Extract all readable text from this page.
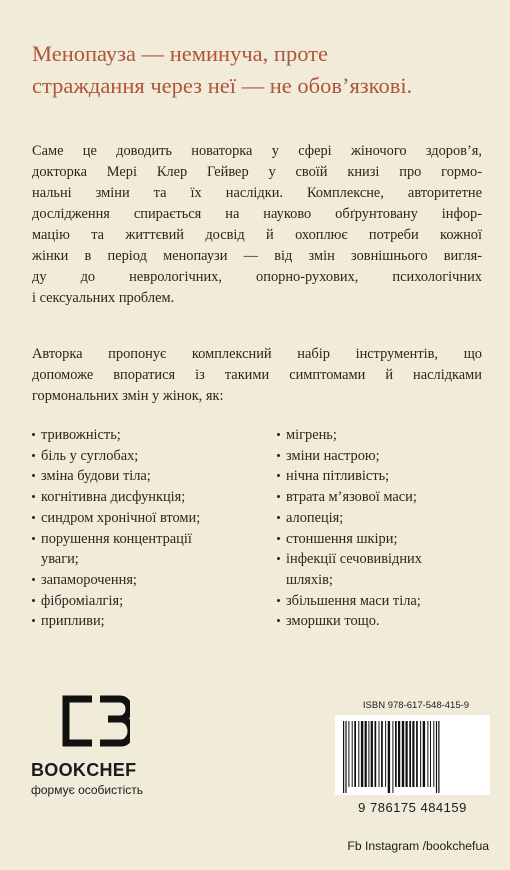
Менопауза — неминуча, проте
страждання через неї — не обов’язкові.

Саме це доводить новаторка у сфері жіночого здоров’я,
докторка Мері Клер Гейвер у своїй книзі про гормо-
нальні зміни та їх наслідки. Комплексне, авторитетне
дослідження спирається на науково обґрунтовану інфор-
мацію та життєвий досвід й охоплює потреби кожної
жінки в період менопаузи — від змін зовнішнього вигля-
ду до неврологічних, опорно-рухових, психологічних
і сексуальних проблем.

Авторка пропонує комплексний набір інструментів, що
допоможе впоратися із такими симптомами й наслідками
гормональних змін у жінок, як:

тривожність;
біль у суглобах;
зміна будови тіла;
когнітивна дисфункція;
синдром хронічної втоми;
порушення концентрації
уваги;
запаморочення;
фіброміалгія;
припливи;
мігрень;
зміни настрою;
нічна пітливість;
втрата м’язової маси;
алопеція;
стоншення шкіри;
інфекції сечовивідних
шляхів;
збільшення маси тіла;
зморшки тощо.
BOOKCHEF
формує особистість
ISBN 978-617-548-415-9
9 786175 484159
Fb Instagram /bookchefua
